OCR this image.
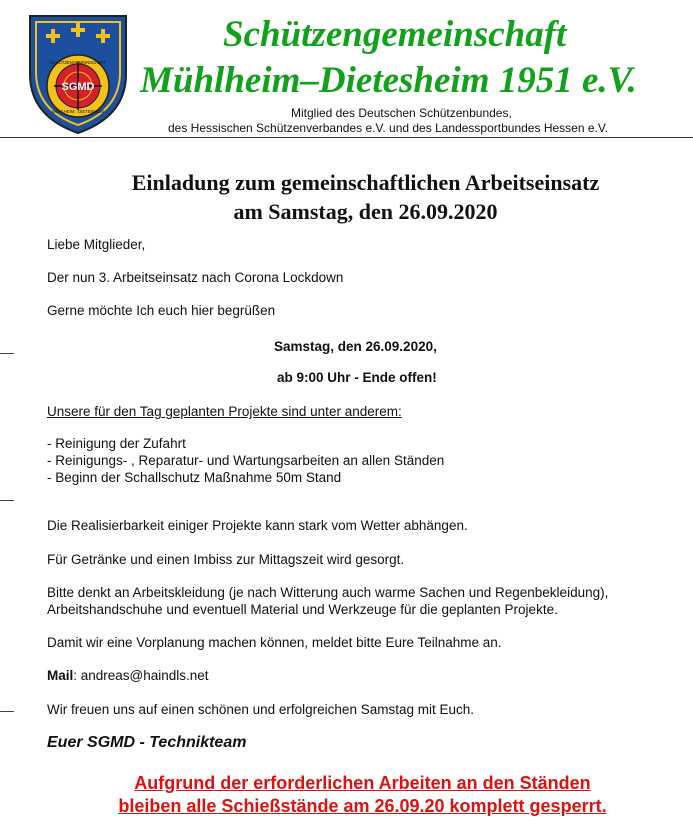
SGMD
SCHÜTZENGEMEINSCHAFT
MÜHLHEIM · DIETESHEIM
Schützengemeinschaft
Mühlheim–Dietesheim 1951 e.V.
Mitglied des Deutschen Schützenbundes,
des Hessischen Schützenverbandes e.V. und des Landessportbundes Hessen e.V.
Einladung zum gemeinschaftlichen Arbeitseinsatz
am Samstag, den 26.09.2020
Liebe Mitglieder,
Der nun 3. Arbeitseinsatz nach Corona Lockdown
Gerne möchte Ich euch hier begrüßen
Samstag, den 26.09.2020,
ab 9:00 Uhr - Ende offen!
Unsere für den Tag geplanten Projekte sind unter anderem:
- Reinigung der Zufahrt
- Reinigungs- , Reparatur- und Wartungsarbeiten an allen Ständen
- Beginn der Schallschutz Maßnahme 50m Stand
Die Realisierbarkeit einiger Projekte kann stark vom Wetter abhängen.
Für Getränke und einen Imbiss zur Mittagszeit wird gesorgt.
Bitte denkt an Arbeitskleidung (je nach Witterung auch warme Sachen und Regenbekleidung),
Arbeitshandschuhe und eventuell Material und Werkzeuge für die geplanten Projekte.
Damit wir eine Vorplanung machen können, meldet bitte Eure Teilnahme an.
Mail: andreas@haindls.net
Wir freuen uns auf einen schönen und erfolgreichen Samstag mit Euch.
Euer SGMD - Technikteam
Aufgrund der erforderlichen Arbeiten an den Ständen
bleiben alle Schießstände am 26.09.20 komplett gesperrt.
